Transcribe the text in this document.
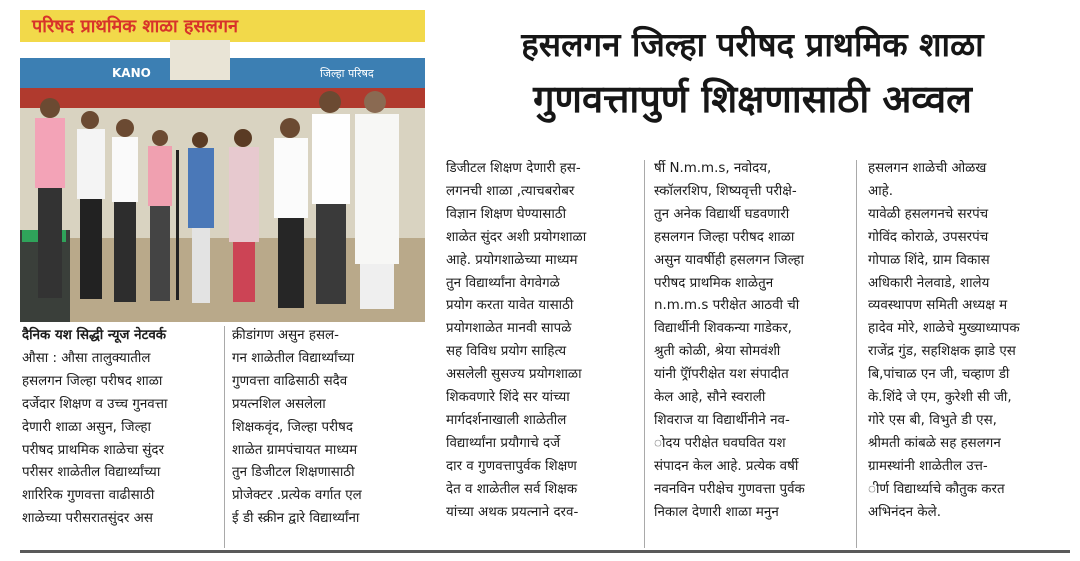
परिषद प्राथमिक शाळा हसलगन
KANO	जिल्हा परिषद
हसलगन जिल्हा परीषद प्राथमिक शाळा
गुणवत्तापुर्ण शिक्षणासाठी अव्वल
दैनिक यश सिद्धी न्यूज नेटवर्क
औसा : औसा तालुक्यातील
हसलगन जिल्हा परीषद शाळा
दर्जेदार शिक्षण व उच्च गुनवत्ता
देणारी शाळा असुन, जिल्हा
परीषद प्राथमिक शाळेचा सुंदर
परीसर शाळेतील विद्यार्थ्यांच्या
शारिरिक गुणवत्ता वाढीसाठी
शाळेच्या परीसरातसुंदर अस
क्रीडांगण असुन हसल-
गन शाळेतील विद्यार्थ्यांच्या
गुणवत्ता वाढिसाठी सदैव
प्रयत्नशिल असलेला
शिक्षकवृंद, जिल्हा परीषद
शाळेत ग्रामपंचायत माध्यम
तुन डिजीटल शिक्षणासाठी
प्रोजेक्टर .प्रत्येक वर्गात एल
ई डी स्क्रीन द्वारे विद्यार्थ्यांना
डिजीटल शिक्षण देणारी हस-
लगनची शाळा ,त्याचबरोबर
विज्ञान शिक्षण घेण्यासाठी
शाळेत सुंदर अशी प्रयोगशाळा
आहे. प्रयोगशाळेच्या माध्यम
तुन विद्यार्थ्यांना वेगवेगळे
प्रयोग करता यावेत यासाठी
प्रयोगशाळेत मानवी सापळे
सह विविध प्रयोग साहित्य
असलेली सुसज्य प्रयोगशाळा
शिकवणारे शिंदे सर यांच्या
मार्गदर्शनाखाली शाळेतील
विद्यार्थ्यांना प्रयौगाचे दर्जे
दार व गुणवत्तापुर्वक शिक्षण
देत व शाळेतील सर्व शिक्षक
यांच्या अथक प्रयत्नाने दरव-
र्षी N.m.m.s, नवोदय,
स्कॉलरशिप, शिष्यवृत्ती परीक्षे-
तुन अनेक विद्यार्थी घडवणारी
हसलगन जिल्हा परीषद शाळा
असुन यावर्षीही हसलगन जिल्हा
परीषद प्राथमिक शाळेतुन
n.m.m.s परीक्षेत आठवी ची
विद्यार्थीनी शिवकन्या गाडेकर,
श्रुती कोळी, श्रेया सोमवंशी
यांनी ऍ्रॉपरीक्षेत यश संपादीत
केल आहे, सौने स्वराली
शिवराज या विद्यार्थीनीने नव-
ोदय परीक्षेत घवघवित यश
संपादन केल आहे. प्रत्येक वर्षी
नवनविन परीक्षेच गुणवत्ता पुर्वक
निकाल देणारी शाळा मनुन
हसलगन शाळेची ओळख
आहे.
यावेळी हसलगनचे सरपंच
गोविंद कोराळे, उपसरपंच
गोपाळ शिंदे, ग्राम विकास
अधिकारी नेलवाडे, शालेय
व्यवस्थापण समिती अध्यक्ष म
हादेव मोरे, शाळेचे मुख्याध्यापक
राजेंद्र गुंड, सहशिक्षक झाडे एस
बि,पांचाळ एन जी, चव्हाण डी
के.शिंदे जे एम, कुरेशी सी जी,
गोरे एस बी, विभुते डी एस,
श्रीमती कांबळे सह हसलगन
ग्रामस्थांनी शाळेतील उत्त-
ीर्ण विद्यार्थ्याचे कौतुक करत
अभिनंदन केले.
